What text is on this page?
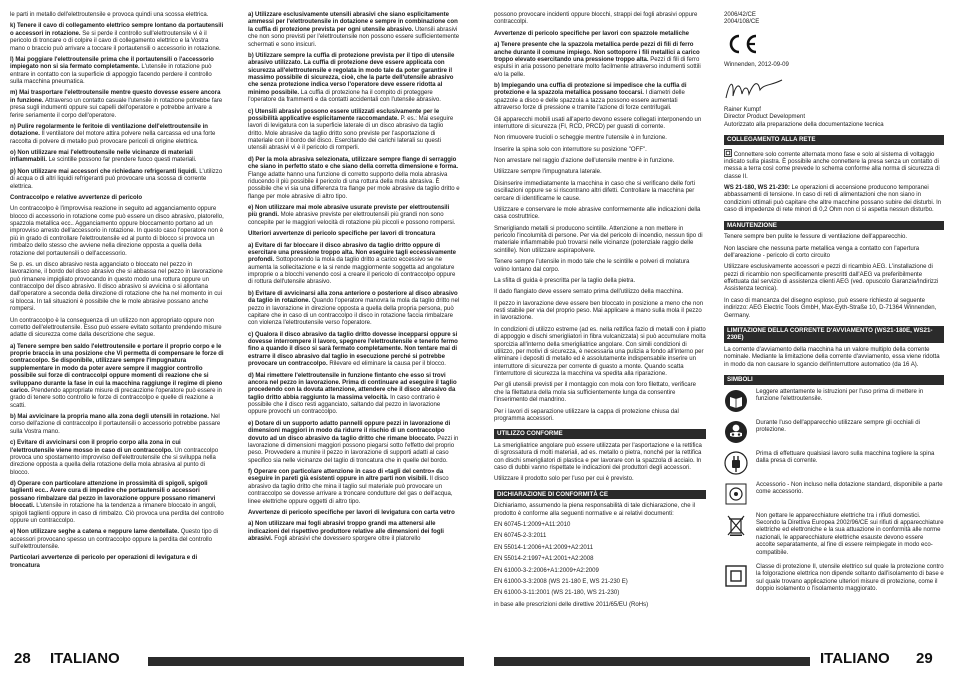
le parti in metallo dell'elettroutensile e provoca quindi una scossa elettrica.

k) Tenere il cavo di collegamento elettrico sempre lontano da portautensili o accessori in rotazione. Se si perde il controllo sull'elettroutensile vi è il pericolo di troncare o di colpire il cavo di collegamento elettrico e la Vostra mano o braccio può arrivare a toccare il portautensili o accessorio in rotazione.

l) Mai poggiare l'elettroutensile prima che il portautensili o l'accessorio impiegato non si sia fermato completamente. L'utensile in rotazione può entrare in contatto con la superficie di appoggio facendo perdere il controllo sulla macchina pneumatica.

m) Mai trasportare l'elettroutensile mentre questo dovesse essere ancora in funzione. Attraverso un contatto casuale l'utensile in rotazione potrebbe fare presa sugli indumenti oppure sui capelli dell'operatore e potrebbe arrivare a ferire seriamente il corpo dell'operatore.

n) Pulire regolarmente le feritoie di ventilazione dell'elettroutensile in dotazione. Il ventilatore del motore attira polvere nella carcassa ed una forte raccolta di polvere di metallo può provocare pericoli di origine elettrica.

o) Non utilizzare mai l'elettroutensile nelle vicinanze di materiali infiammabili. Le scintille possono far prendere fuoco questi materiali.

p) Non utilizzare mai accessori che richiedano refrigeranti liquidi. L'utilizzo di acqua o di altri liquidi refrigeranti può provocare una scossa di corrente elettrica.

Contraccolpo e relative avvertenze di pericolo

Un contraccolpo è l'improvvisa reazione in seguito ad agganciamento oppure blocco di accessorio in rotazione come può essere un disco abrasivo, platorello, spazzola metallica ecc.. Agganciamento oppure bloccamento portano ad un improvviso arresto dell'accessorio in rotazione. In questo caso l'operatore non è più in grado di controllare l'elettroutensile ed al punto di blocco si provoca un rimbalzo dello stesso che avviene nella direzione opposta a quella della rotazione del portautensili o dell'accessorio.

Se p. es. un disco abrasivo resta agganciato o bloccato nel pezzo in lavorazione, il bordo del disco abrasivo che si abbassa nel pezzo in lavorazione può rimanere impigliato provocando in questo modo una rottura oppure un contraccolpo del disco abrasivo. Il disco abrasivo si avvicina o si allontana dall'operatore a seconda della direzione di rotazione che ha nel momento in cui si blocca. In tali situazioni è possibile che le mole abrasive possano anche rompersi.

Un contraccolpo è la conseguenza di un utilizzo non appropriato oppure non corretto dell'elettroutensile. Esso può essere evitato soltanto prendendo misure adatte di sicurezza come dalla descrizione che segue.

a) Tenere sempre ben saldo l'elettroutensile e portare il proprio corpo e le proprie braccia in una posizione che Vi permetta di compensare le forze di contraccolpo. Se disponibile, utilizzare sempre l'impugnatura supplementare in modo da poter avere sempre il maggior controllo possibile sui forze di contraccolpi oppure momenti di reazione che si sviluppano durante la fase in cui la macchina raggiunge il regime di pieno carico. Prendendo appropriate misure di precauzione l'operatore può essere in grado di tenere sotto controllo le forze di contraccolpo e quelle di reazione a scatti.

b) Mai avvicinare la propria mano alla zona degli utensili in rotazione. Nel corso dell'azione di contraccolpo il portautensili o accessorio potrebbe passare sulla Vostra mano.

c) Evitare di avvicinarsi con il proprio corpo alla zona in cui l'elettroutensile viene mosso in caso di un contraccolpo. Un contraccolpo provoca uno spostamento improvviso dell'elettroutensile che si sviluppa nella direzione opposta a quella della rotazione della mola abrasiva al punto di blocco.

d) Operare con particolare attenzione in prossimità di spigoli, spigoli taglienti ecc.. Avere cura di impedire che portautensili o accessori possano rimbalzare dal pezzo in lavorazione oppure possano rimanervi bloccati. L'utensile in rotazione ha la tendenza a rimanere bloccato in angoli, spigoli taglienti oppure in caso di rimbalzo. Ciò provoca una perdita del controllo oppure un contraccolpo.

e) Non utilizzare seghe a catena e neppure lame dentellate. Questo tipo di accessori provocano spesso un contraccolpo oppure la perdita del controllo sull'elettroutensile.

Particolari avvertenze di pericolo per operazioni di levigatura e di troncatura

a) Utilizzare esclusivamente utensili abrasivi che siano esplicitamente ammessi per l'elettroutensile in dotazione e sempre in combinazione con la cuffia di protezione prevista per ogni utensile abrasivo. Utensili abrasivi che non sono previsti per l'elettroutensile non possono essere sufficientemente schermati e sono insicuri.

b) Utilizzare sempre la cuffia di protezione prevista per il tipo di utensile abrasivo utilizzato. La cuffia di protezione deve essere applicata con sicurezza all'elettroutensile e regolata in modo tale da poter garantire il massimo possibile di sicurezza, cioè, che la parte dell'utensile abrasivo che senza protezione indica verso l'operatore deve essere ridotta al minimo possibile. La cuffia di protezione ha il compito di proteggere l'operatore da frammenti e da contatti accidentali con l'utensile abrasivo.

c) Utensili abrasivi possono essere utilizzati esclusivamente per le possibilità applicative esplicitamente raccomandate. P. es.: Mai eseguire lavori di levigatura con la superficie laterale di un disco abrasivo da taglio dritto. Mole abrasive da taglio dritto sono previste per l'asportazione di materiale con il bordo del disco. Esercitando dei carichi laterali su questi utensili abrasivi vi è il pericolo di romperli.

d) Per la mola abrasiva selezionata, utilizzare sempre flange di serraggio che siano in perfetto stato e che siano della corretta dimensione e forma. Flange adatte hanno una funzione di corretto supporto della mola abrasiva riducendo il più possibile il pericolo di una rottura della mola abrasiva. È possibile che vi sia una differenza tra flange per mole abrasive da taglio dritto e flange per mole abrasive di altro tipo.

e) Non utilizzare mai mole abrasive usurate previste per elettroutensili più grandi. Mole abrasive previste per elettroutensili più grandi non sono concepite per le maggiori velocità di rotazione più piccoli e possono rompersi.

Ulteriori avvertenze di pericolo specifiche per lavori di troncatura

a) Evitare di far bloccare il disco abrasivo da taglio dritto oppure di esercitare una pressione troppo alta. Non eseguire tagli eccessivamente profondi. Sottoponendo la mola da taglio dritto a carico eccessivo se ne aumenta la sollecitazione e la si rende maggiormente soggetta ad angolature improprie o a blocchi venendo così a creare il pericolo di contraccolpo oppure di rottura dell'utensile abrasivo.

b) Evitare di avvicinarsi alla zona anteriore o posteriore al disco abrasivo da taglio in rotazione. Quando l'operatore manovra la mola da taglio dritto nel pezzo in lavorazione in direzione opposta a quella della propria persona, può capitare che in caso di un contraccolpo il disco in rotazione faccia rimbalzare con violenza l'elettroutensile verso l'operatore.

c) Qualora il disco abrasivo da taglio dritto dovesse incepparsi oppure si dovesse interrompere il lavoro, spegnere l'elettroutensile e tenerlo fermo fino a quando il disco si sarà fermato completamente. Non tentare mai di estrarre il disco abrasivo dal taglio in esecuzione perché si potrebbe provocare un contraccolpo. Rilevare ed eliminare la causa per il blocco.

d) Mai rimettere l'elettroutensile in funzione fintanto che esso si trovi ancora nel pezzo in lavorazione. Prima di continuare ad eseguire il taglio procedendo con la dovuta attenzione, attendere che il disco abrasivo da taglio dritto abbia raggiunto la massima velocità. In caso contrario è possibile che il disco resti agganciato, saltando dal pezzo in lavorazione oppure provochi un contraccolpo.

e) Dotare di un supporto adatto pannelli oppure pezzi in lavorazione di dimensioni maggiori in modo da ridurre il rischio di un contraccolpo dovuto ad un disco abrasivo da taglio dritto che rimane bloccato. Pezzi in lavorazione di dimensioni maggiori possono piegarsi sotto l'effetto del proprio peso. Provvedere a munire il pezzo in lavorazione di supporti adatti al caso specifico sia nelle vicinanze del taglio di troncatura che in quelle del bordo.

f) Operare con particolare attenzione in caso di «tagli del centro» da eseguire in pareti già esistenti oppure in altre parti non visibili. Il disco abrasivo da taglio dritto che mina il taglio sul materiale può provocare un contraccolpo se dovesse arrivare a troncare condutture del gas o dell'acqua, linee elettriche oppure oggetti di altro tipo.

Avvertenze di pericolo specifiche per lavori di levigatura con carta vetro

a) Non utilizzare mai fogli abrasivi troppo grandi ma attenersi alle indicazioni del rispettivo produttore relative alle dimensioni dei fogli abrasivi. Fogli abrasivi che dovessero sporgere oltre il platorello

possono provocare incidenti oppure blocchi, strappi dei fogli abrasivi oppure contraccolpi.

Avvertenze di pericolo specifiche per lavori con spazzole metalliche

a) Tenere presente che la spazzola metallica perde pezzi di fili di ferro anche durante il comune impiego. Non sottoporre i fili metallici a carico troppo elevato esercitando una pressione troppo alta. Pezzi di fili di ferro espulsi in aria possono penetrare molto facilmente attraverso indumenti sottili e/o la pelle.

b) Impiegando una cuffia di protezione si impedisce che la cuffia di protezione e la spazzola metallica possano toccarsi. I diametri delle spazzole a disco e delle spazzola a tazza possono essere aumentati attraverso forze di pressione e tramite l'azione di forze centrifugali.

Gli apparecchi mobili usati all'aperto devono essere collegati interponendo un interruttore di sicurezza (FI, RCD, PRCD) per guasti di corrente.

Non rimuovere trucioli o scheggie mentre l'utensile è in funzione.

Inserire la spina solo con interruttore su posizione "OFF".

Non arrestare nel raggio d'azione dell'utensile mentre è in funzione.

Utilizzare sempre l'impugnatura laterale.

Disinserire immediatamente la macchina in caso che si verificano delle forti oscillazioni oppure se si riscontrano altri difetti. Controllare la macchina per cercare di identificarne le cause.

Utilizzare e conservare le mole abrasive conformemente alle indicazioni della casa costruttrice.

Smerigliando metalli si producono scintille. Attenzione a non mettere in pericolo l'incolumità di persone. Per via del pericolo di incendio, nessun tipo di materiale infiammabile può trovarsi nelle vicinanze (potenziale raggio delle scintille). Non utilizzare aspirapolvere.

Tenere sempre l'utensile in modo tale che le scintille e polveri di molatura volino lontano dal corpo.

La sfilta di guida è prescritta per la taglio della pietra.

Il dado flangiato deve essere serrato prima dell'utilizzo della macchina.

Il pezzo in lavorazione deve essere ben bloccato in posizione a meno che non resti stabile per via del proprio peso. Mai applicare a mano sulla mola il pezzo in lavorazione.

In condizioni di utilizzo estreme (ad es. nella rettifica fazio di metalli con il piatto di appoggio e dischi smerigliatori in fibra vulcanizzata) si può accumulare molta sporcizia all'interno della smerigliatrice angolare. Con simili condizioni di utilizzo, per motivi di sicurezza, è necessaria una pulizia a fondo all'interno per eliminare i depositi di metallo ed è assolutamente indispensabile inserire un interruttore di sicurezza per corrente di guasto a monte. Quando scatta l'interruttore di sicurezza la macchina va spedita alla riparazione.

Per gli utensili previsti per il montaggio con mola con foro filettato, verificare che la filettatura della mola sia sufficientemente lunga da consentire l'inserimento del mandrino.

Per i lavori di separazione utilizzare la cappa di protezione chiusa dal programma accessori.

UTILIZZO CONFORME

La smerigliatrice angolare può essere utilizzata per l'asportazione e la rettifica di sgrossatura di molti materiali, ad es. metallo o pietra, nonché per la rettifica con dischi smerigliatori di plastica e per lavorare con la spazzola di acciaio. In caso di dubbi vanno rispettate le indicazioni dei produttori degli accessori.

Utilizzare il prodotto solo per l'uso per cui è previsto.

DICHIARAZIONE DI CONFORMITÀ CE

Dichiariamo, assumendo la piena responsabilità di tale dichiarazione, che il prodotto è conforme alla seguenti normative e ai relativi documenti:

EN 60745-1:2009+A11:2010

EN 60745-2-3:2011

EN 55014-1:2006+A1:2009+A2:2011

EN 55014-2:1997+A1:2001+A2:2008

EN 61000-3-2:2006+A1:2009+A2:2009

EN 61000-3-3:2008 (WS 21-180 E, WS 21-230 E)

EN 61000-3-11:2001 (WS 21-180, WS 21-230)

in base alle prescrizioni delle direttive 2011/65/EU (RoHs)

2006/42/CE
2004/108/CE
Winnenden, 2012-09-09
Rainer Kumpf
Director Product Development
Autorizzato alla preparazione della documentazione tecnica
COLLEGAMENTO ALLA RETE

Connettere solo corrente alternata mono fase e solo al sistema di voltaggio indicato sulla piastra. È possibile anche connettere la presa senza un contatto di messa a terra così come prevede lo schema conforme alla norma di sicurezza di classe II.

WS 21-180, WS 21-230: Le operazioni di accensione producono temporanei abbassamenti di tensione. In caso di reti di alimentazioni che non siano in condizioni ottimali può capitare che altre macchine possano subire dei disturbi. In caso di impedenze di rete minori di 0,2 Ohm non ci si aspetta nessun disturbo.

MANUTENZIONE

Tenere sempre ben pulite le fessure di ventilazione dell'apparecchio.

Non lasciare che nessuna parte metallica venga a contatto con l'apertura dell'areazione - pericolo di corto circuito

Utilizzare esclusivamente accessori e pezzi di ricambio AEG. L'installazione di pezzi di ricambio non specificamente prescritti dall'AEG va preferibilmente effettuata dal servizio di assistenza clienti AEG (ved. opuscolo Garanzia/Indirizzi Assistenza tecnica).

In caso di mancanza del disegno esploso, può essere richiesto al seguente indirizzo: AEG Electric Tools GmbH, Max-Eyth-Straße 10, D-71364 Winnenden, Germany.

LIMITAZIONE DELLA CORRENTE D'AVVIAMENTO (WS21-180E, WS21-230E)

La corrente d'avviamento della macchina ha un valore multiplo della corrente nominale. Mediante la limitazione della corrente d'avviamento, essa viene ridotta in modo da non causare lo sgancio dell'interruttore automatico (da 16 A).

SIMBOLI
Leggere attentamente le istruzioni per l'uso prima di mettere in funzione l'elettroutensile.
Durante l'uso dell'apparecchio utilizzare sempre gli occhiali di protezione.
Prima di effettuare qualsiasi lavoro sulla macchina togliere la spina dalla presa di corrente.
Accessorio - Non incluso nella dotazione standard, disponibile a parte come accessorio.
Non gettare le apparecchiature elettriche tra i rifiuti domestici. Secondo la Direttiva Europea 2002/96/CE sui rifiuti di apparecchiature elettriche ed elettroniche e la sua attuazione in conformità alle norme nazionali, le apparecchiature elettriche esauste devono essere accolte separatamente, al fine di essere reimpiegate in modo eco-compatibile.
Classe di protezione II, utensile elettrico sul quale la protezione contro la folgorazione elettrica non dipende soltanto dall'isolamento di base e sul quale trovano applicazione ulteriori misure di protezione, come il doppio isolamento o l'isolamento maggiorato.
28 ITALIANO	ITALIANO 29
